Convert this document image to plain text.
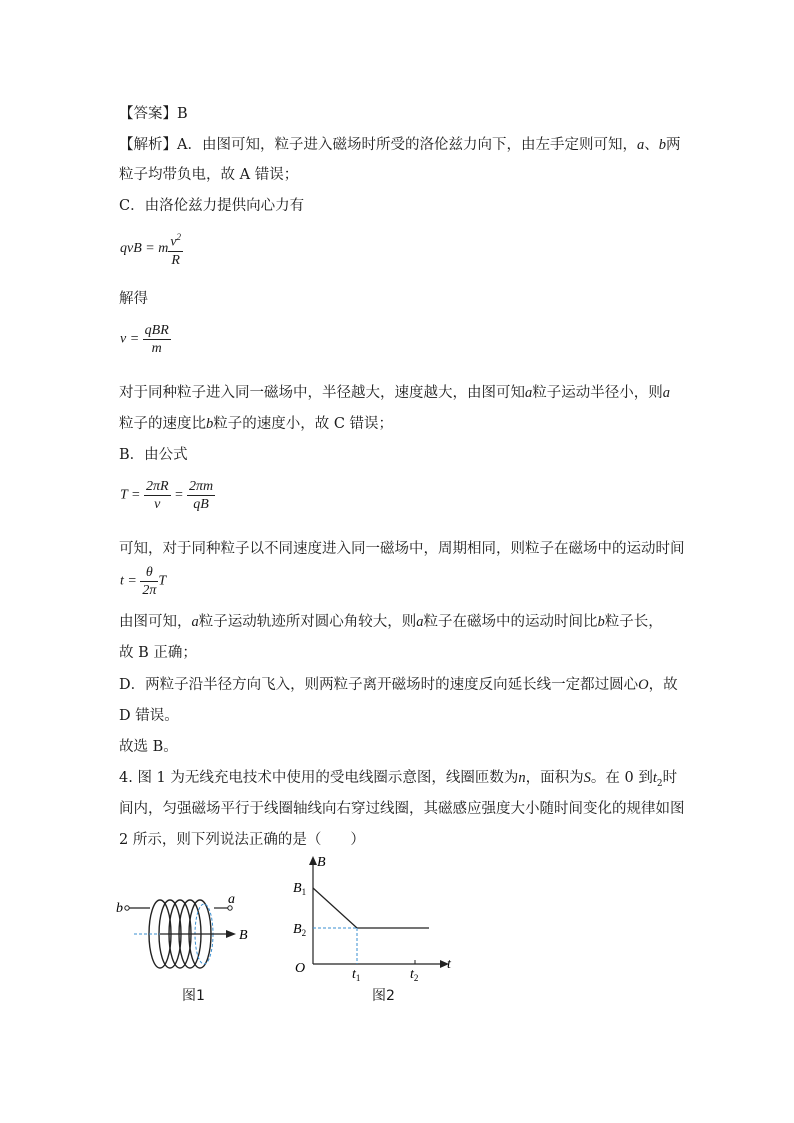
【答案】B
【解析】A．由图可知，粒子进入磁场时所受的洛伦兹力向下，由左手定则可知，a、b两
粒子均带负电，故 A 错误；
C．由洛伦兹力提供向心力有
qvB = m $\frac{v^2}{R}$
解得
$v = \frac{\text{qBR}}{m}$
对于同种粒子进入同一磁场中，半径越大，速度越大，由图可知a粒子运动半径小，则a
粒子的速度比b粒子的速度小，故 C 错误；
B．由公式
$T = \frac{2\pi R}{v} = \frac{2\pi m}{qB}$
可知，对于同种粒子以不同速度进入同一磁场中，周期相同，则粒子在磁场中的运动时间
$t = \frac{\theta}{2\pi}$ T
由图可知，a粒子运动轨迹所对圆心角较大，则a粒子在磁场中的运动时间比b粒子长，
故 B 正确；
D．两粒子沿半径方向飞入，则两粒子离开磁场时的速度反向延长线一定都过圆心O，故
D 错误。
故选 B。
4. 图 1 为无线充电技术中使用的受电线圈示意图，线圈匝数为n，面积为S。在 0 到$t_2$时
间内，匀强磁场平行于线圈轴线向右穿过线圈，其磁感应强度大小随时间变化的规律如图
2 所示，则下列说法正确的是（　　）
b
a
B
图1
B
t
O
$B_1$
$B_2$
$t_1$	$t_2$
图2
